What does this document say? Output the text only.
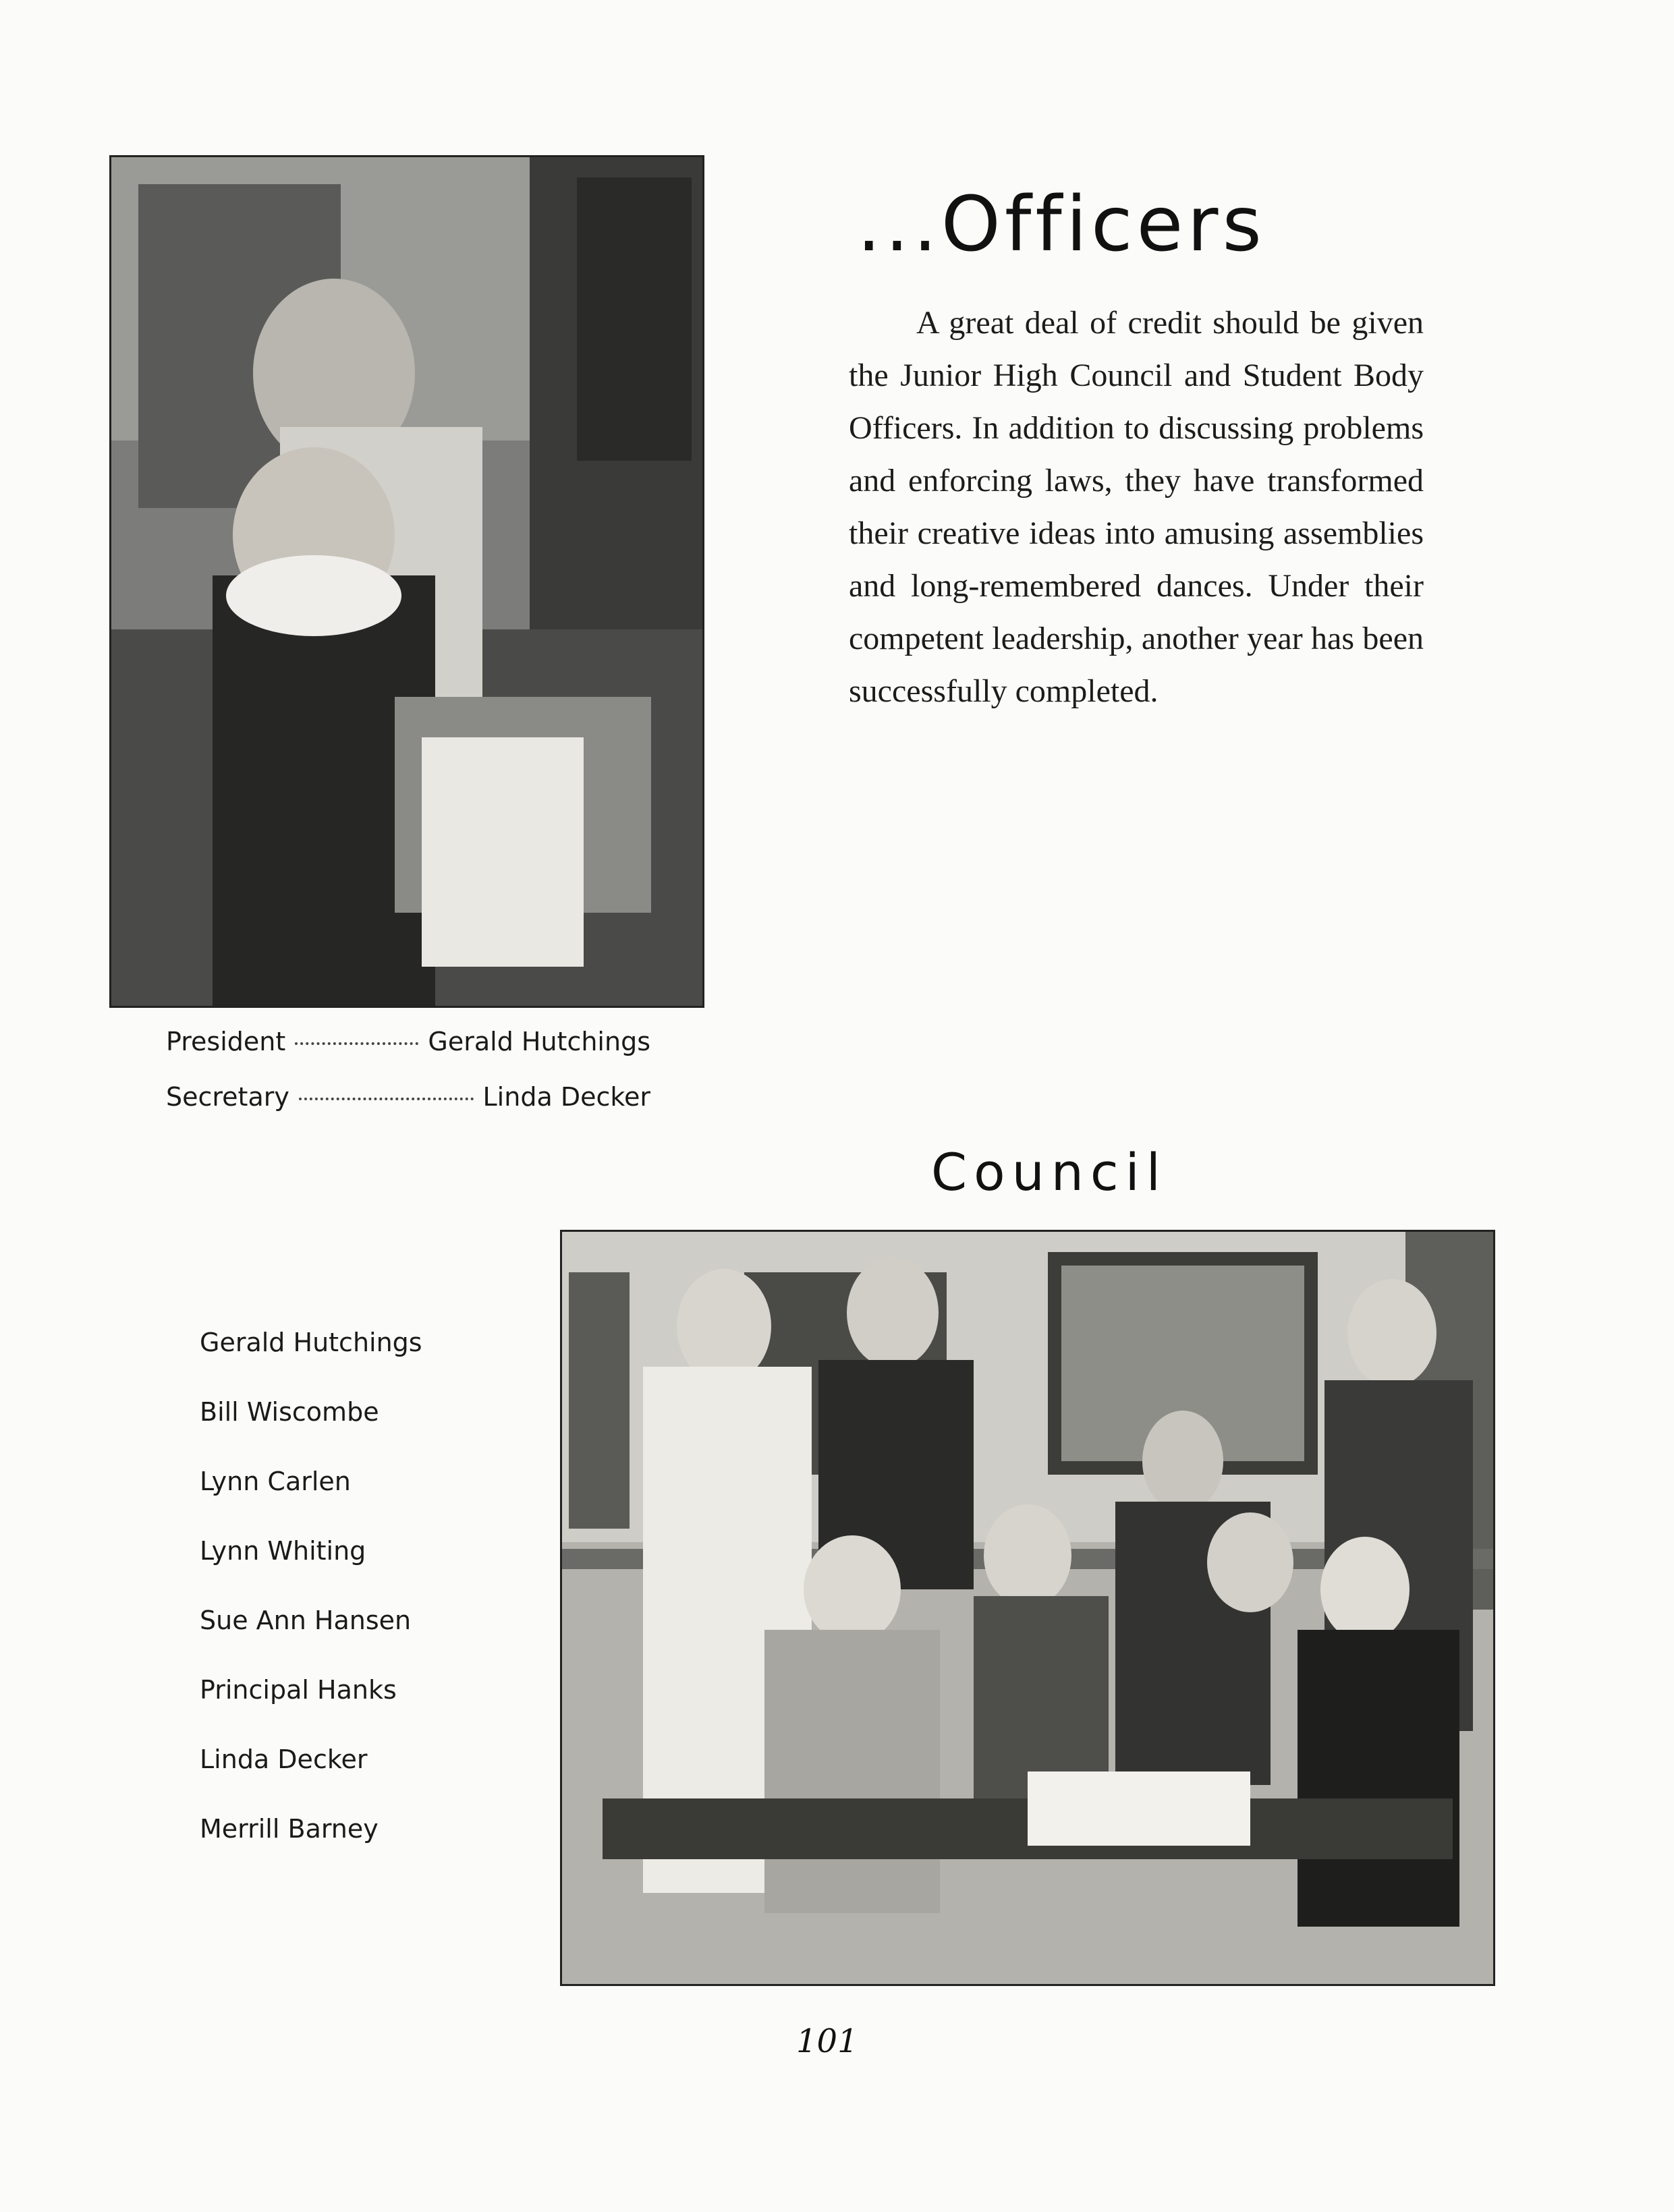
...Officers

A great deal of credit should be given the Junior High Council and Student Body Officers. In addition to discussing problems and enforcing laws, they have transformed their creative ideas into amusing assemblies and long-remembered dances. Under their competent leadership, another year has been successfully completed.

President	Gerald Hutchings
Secretary	Linda Decker
Council
Gerald Hutchings
Bill Wiscombe
Lynn Carlen
Lynn Whiting
Sue Ann Hansen
Principal Hanks
Linda Decker
Merrill Barney
101
